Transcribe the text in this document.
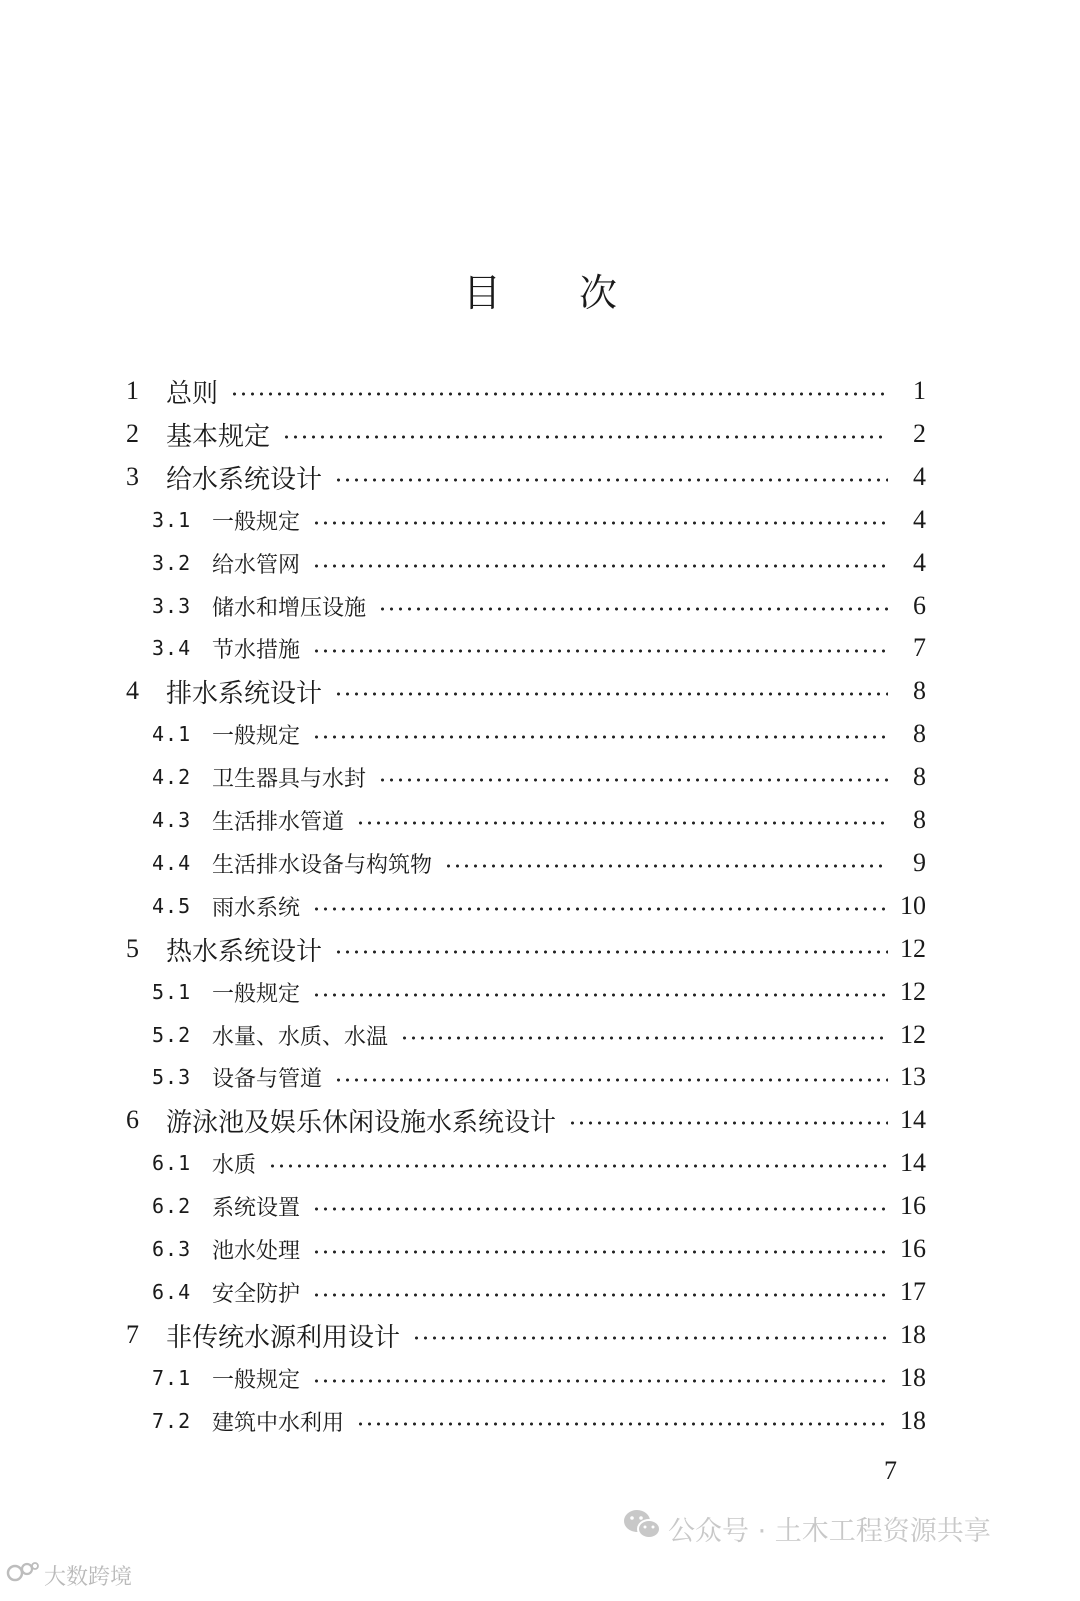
目 次
1	总则	1
2	基本规定	2
3	给水系统设计	4
3.1 一般规定	4
3.2 给水管网	4
3.3 储水和增压设施	6
3.4 节水措施	7
4	排水系统设计	8
4.1 一般规定	8
4.2 卫生器具与水封	8
4.3 生活排水管道	8
4.4 生活排水设备与构筑物	9
4.5 雨水系统	10
5	热水系统设计	12
5.1 一般规定	12
5.2 水量、水质、水温	12
5.3 设备与管道	13
6	游泳池及娱乐休闲设施水系统设计	14
6.1 水质	14
6.2 系统设置	16
6.3 池水处理	16
6.4 安全防护	17
7	非传统水源利用设计	18
7.1 一般规定	18
7.2 建筑中水利用	18
7
大数跨境
公众号 · 土木工程资源共享
